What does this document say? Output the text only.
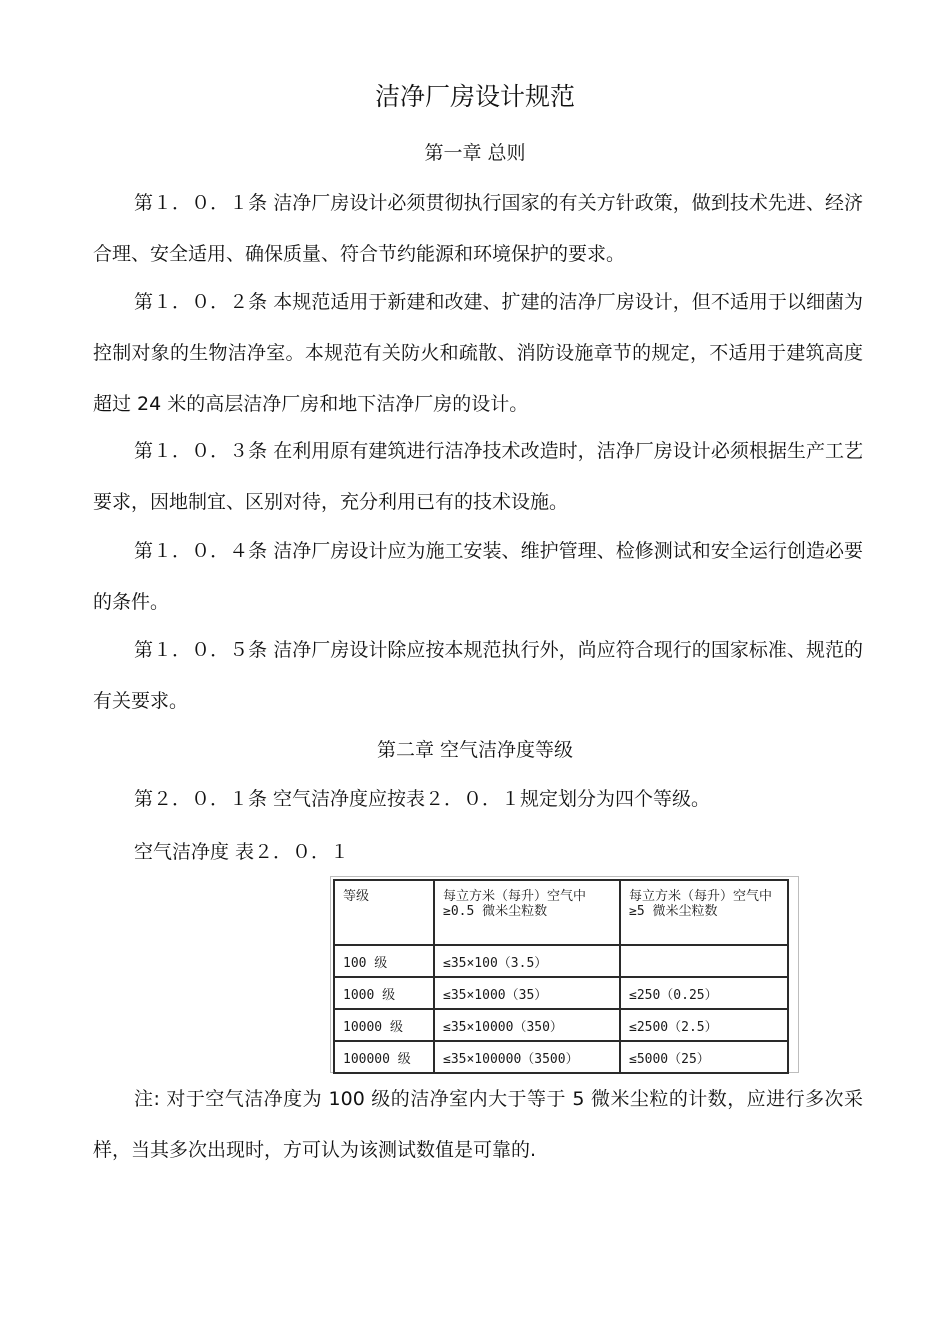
洁净厂房设计规范
第一章 总则

第１．０．１条 洁净厂房设计必须贯彻执行国家的有关方针政策，做到技术先进、经济合理、安全适用、确保质量、符合节约能源和环境保护的要求。

第１．０．２条 本规范适用于新建和改建、扩建的洁净厂房设计，但不适用于以细菌为控制对象的生物洁净室。本规范有关防火和疏散、消防设施章节的规定，不适用于建筑高度超过 24 米的高层洁净厂房和地下洁净厂房的设计。

第１．０．３条 在利用原有建筑进行洁净技术改造时，洁净厂房设计必须根据生产工艺要求，因地制宜、区别对待，充分利用已有的技术设施。

第１．０．４条 洁净厂房设计应为施工安装、维护管理、检修测试和安全运行创造必要的条件。

第１．０．５条 洁净厂房设计除应按本规范执行外，尚应符合现行的国家标准、规范的有关要求。

第二章 空气洁净度等级

第２．０．１条 空气洁净度应按表２．０．１规定划分为四个等级。

空气洁净度 表２．０．１
等级	每立方米（每升）空气中≥0.5 微米尘粒数	每立方米（每升）空气中≥5 微米尘粒数
100 级	≤35×100（3.5）	
1000 级	≤35×1000（35）	≤250（0.25）
10000 级	≤35×10000（350）	≤2500（2.5）
100000 级	≤35×100000（3500）	≤5000（25）

注: 对于空气洁净度为 100 级的洁净室内大于等于 5 微米尘粒的计数，应进行多次采样，当其多次出现时，方可认为该测试数值是可靠的.
